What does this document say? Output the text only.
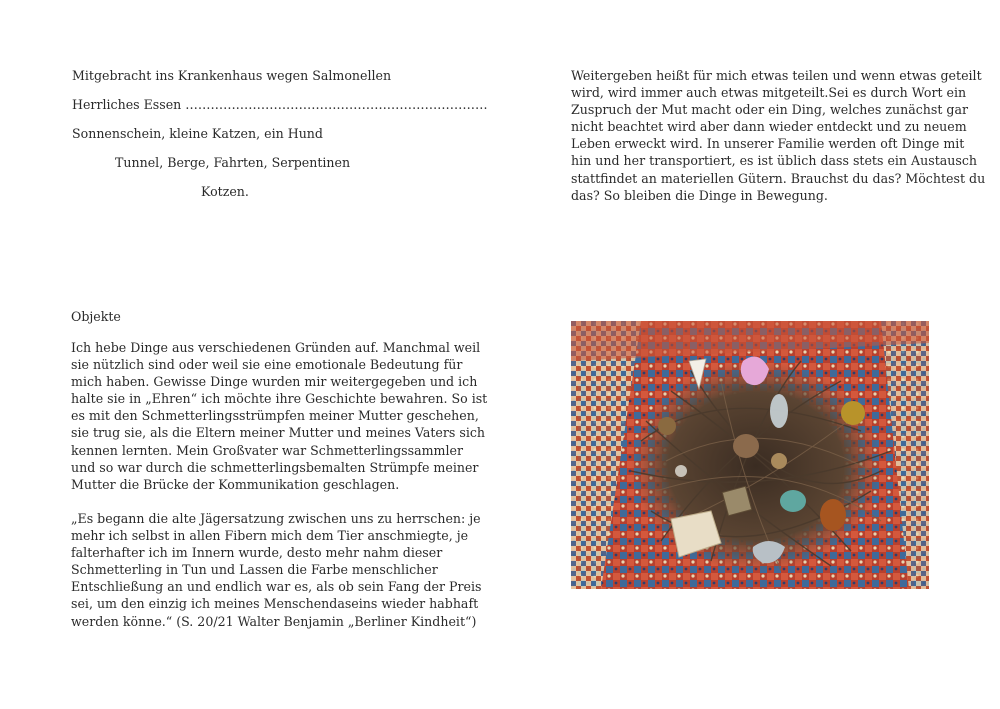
Mitgebracht ins Krankenhaus wegen Salmonellen

Herrliches Essen ………………………………………………………………

Sonnenschein, kleine Katzen, ein Hund

Tunnel, Berge, Fahrten, Serpentinen

Kotzen.

Objekte

Ich hebe Dinge aus verschiedenen Gründen auf. Manchmal weil
sie nützlich sind oder weil sie eine emotionale Bedeutung für
mich haben. Gewisse Dinge wurden mir weitergegeben und ich
halte sie in „Ehren“ ich möchte ihre Geschichte bewahren. So ist
es mit den Schmetterlingsstrümpfen meiner Mutter geschehen,
sie trug sie, als die Eltern meiner Mutter und meines Vaters sich
kennen lernten. Mein Großvater war Schmetterlingssammler
und so war durch die schmetterlingsbemalten Strümpfe meiner
Mutter die Brücke der Kommunikation geschlagen.
„Es begann die alte Jägersatzung zwischen uns zu herrschen: je
mehr ich selbst in allen Fibern mich dem Tier anschmiegte, je
falterhafter ich im Innern wurde, desto mehr nahm dieser
Schmetterling in Tun und Lassen die Farbe menschlicher
Entschließung an und endlich war es, als ob sein Fang der Preis
sei, um den einzig ich meines Menschendaseins wieder habhaft
werden könne.“ (S. 20/21 Walter Benjamin „Berliner Kindheit“)
Weitergeben heißt für mich etwas teilen und wenn etwas geteilt
wird, wird immer auch etwas mitgeteilt.Sei es durch Wort ein
Zuspruch der Mut macht oder ein Ding, welches zunächst gar
nicht beachtet wird aber dann wieder entdeckt und zu neuem
Leben erweckt wird. In unserer Familie werden oft Dinge mit
hin und her transportiert, es ist üblich dass stets ein Austausch
stattfindet an materiellen Gütern. Brauchst du das? Möchtest du
das? So bleiben die Dinge in Bewegung.
